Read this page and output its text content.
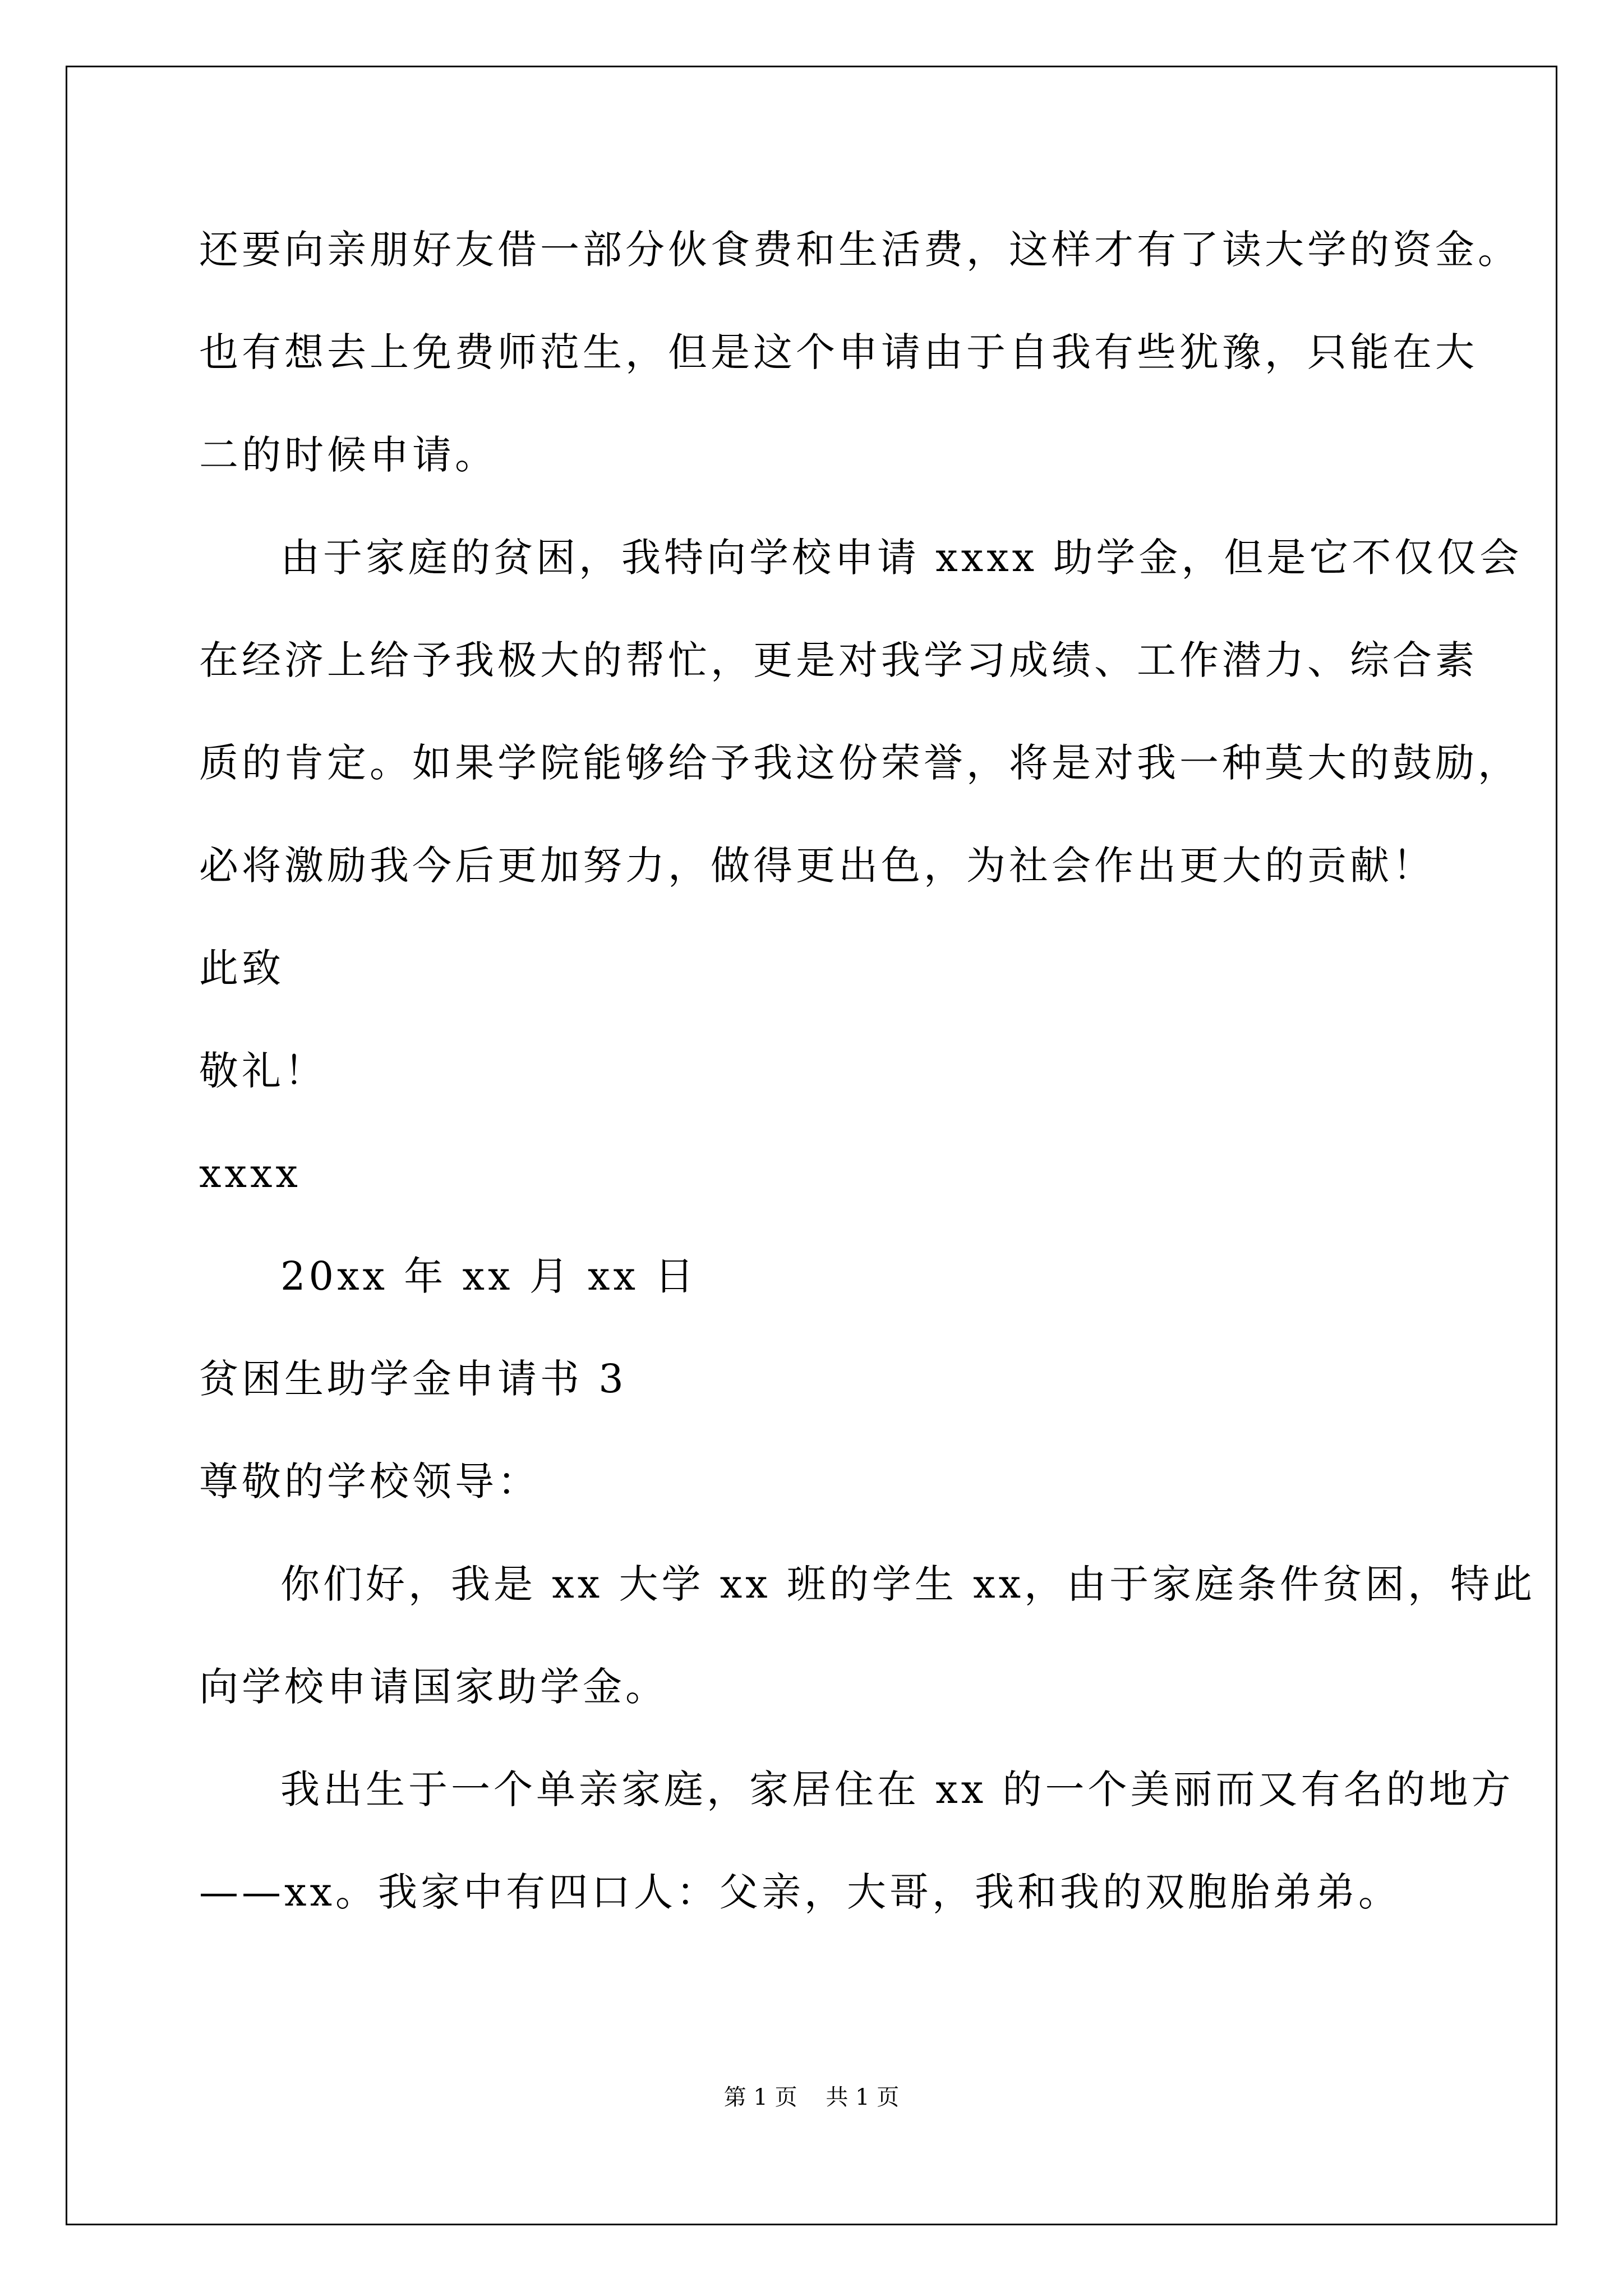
还要向亲朋好友借一部分伙食费和生活费，这样才有了读大学的资金。
也有想去上免费师范生，但是这个申请由于自我有些犹豫，只能在大
二的时候申请。
由于家庭的贫困，我特向学校申请 xxxx 助学金，但是它不仅仅会
在经济上给予我极大的帮忙，更是对我学习成绩、工作潜力、综合素
质的肯定。如果学院能够给予我这份荣誉，将是对我一种莫大的鼓励，
必将激励我今后更加努力，做得更出色，为社会作出更大的贡献！
此致
敬礼！
xxxx
20xx 年 xx 月 xx 日
贫困生助学金申请书 3
尊敬的学校领导：
你们好，我是 xx 大学 xx 班的学生 xx，由于家庭条件贫困，特此
向学校申请国家助学金。
我出生于一个单亲家庭，家居住在 xx 的一个美丽而又有名的地方
——xx。我家中有四口人：父亲，大哥，我和我的双胞胎弟弟。
第 1 页    共 1 页
